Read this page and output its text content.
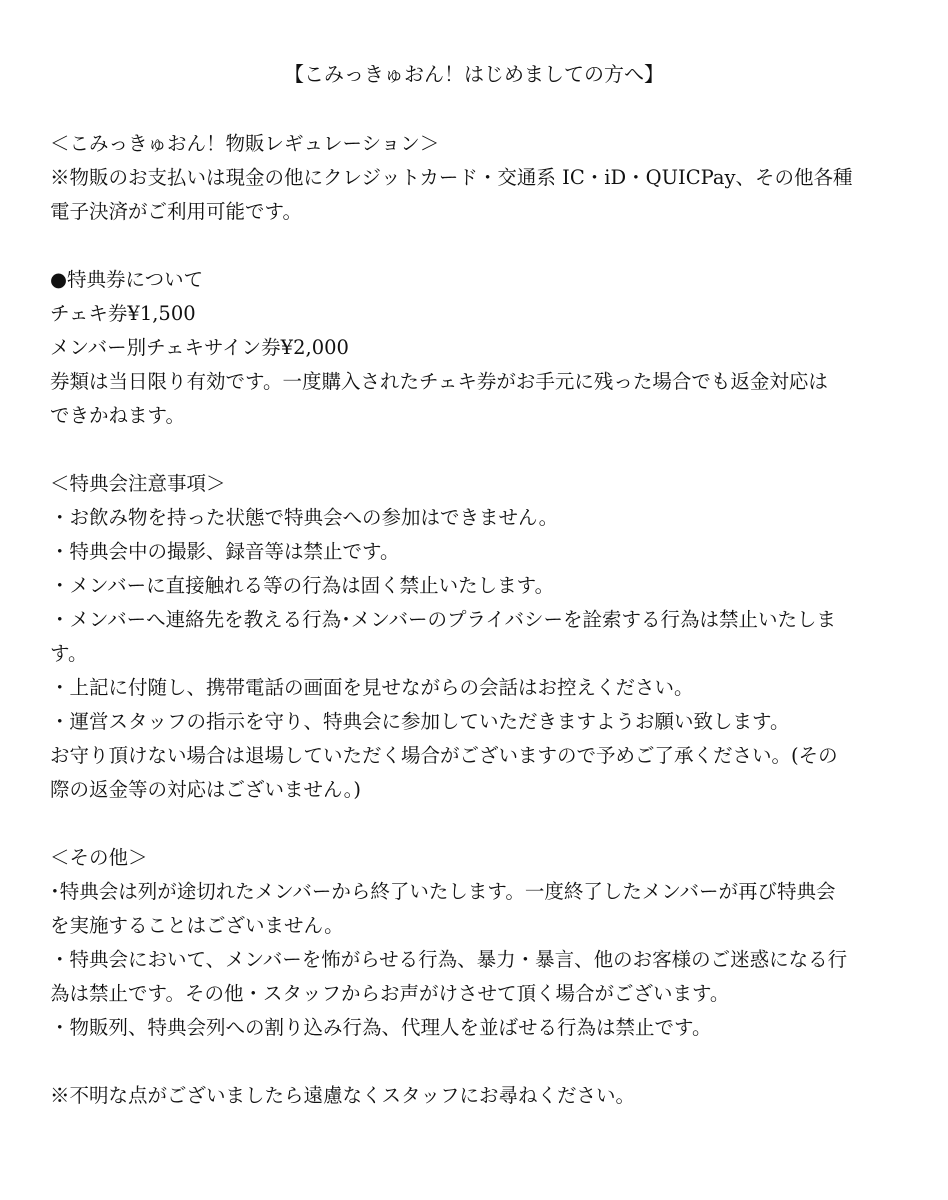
【こみっきゅおん！はじめましての方へ】
＜こみっきゅおん！物販レギュレーション＞
※物販のお支払いは現金の他にクレジットカード・交通系 IC・iD・QUICPay、その他各種
電子決済がご利用可能です。
●特典券について
チェキ券¥1,500
メンバー別チェキサイン券¥2,000
券類は当日限り有効です。一度購入されたチェキ券がお手元に残った場合でも返金対応は
できかねます。
＜特典会注意事項＞
・お飲み物を持った状態で特典会への参加はできません。
・特典会中の撮影、録音等は禁止です。
・メンバーに直接触れる等の行為は固く禁止いたします。
・メンバーへ連絡先を教える行為･メンバーのプライバシーを詮索する行為は禁止いたしま
す。
・上記に付随し、携帯電話の画面を見せながらの会話はお控えください。
・運営スタッフの指示を守り、特典会に参加していただきますようお願い致します。
お守り頂けない場合は退場していただく場合がございますので予めご了承ください。(その
際の返金等の対応はございません。)
＜その他＞
･特典会は列が途切れたメンバーから終了いたします。一度終了したメンバーが再び特典会
を実施することはございません。
・特典会において、メンバーを怖がらせる行為、暴力・暴言、他のお客様のご迷惑になる行
為は禁止です。その他・スタッフからお声がけさせて頂く場合がございます。
・物販列、特典会列への割り込み行為、代理人を並ばせる行為は禁止です。
※不明な点がございましたら遠慮なくスタッフにお尋ねください。
